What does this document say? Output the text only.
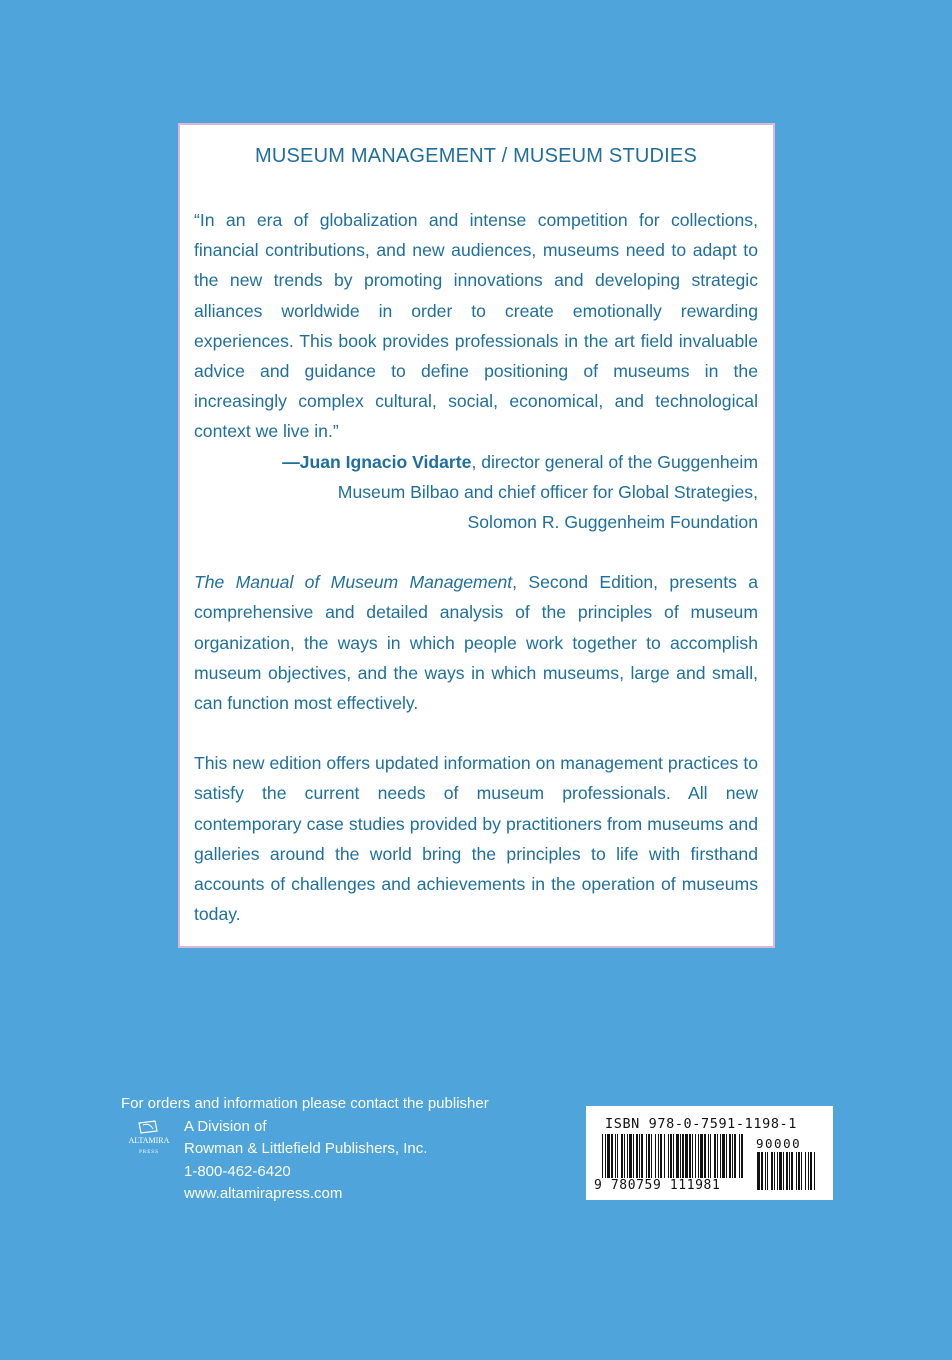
MUSEUM MANAGEMENT / MUSEUM STUDIES

“In an era of globalization and intense competition for collections, financial contributions, and new audiences, museums need to adapt to the new trends by promoting innovations and developing strategic alliances worldwide in order to create emotionally rewarding experiences. This book provides professionals in the art field invaluable advice and guidance to define positioning of museums in the increasingly complex cultural, social, economical, and technological context we live in.”

—Juan Ignacio Vidarte, director general of the Guggenheim
Museum Bilbao and chief officer for Global Strategies,
Solomon R. Guggenheim Foundation

The Manual of Museum Management, Second Edition, presents a comprehensive and detailed analysis of the principles of museum organization, the ways in which people work together to accomplish museum objectives, and the ways in which museums, large and small, can function most effectively.

This new edition offers updated information on management practices to satisfy the current needs of museum professionals. All new contemporary case studies provided by practitioners from museums and galleries around the world bring the principles to life with firsthand accounts of challenges and achievements in the operation of museums today.

For orders and information please contact the publisher
A Division of
Rowman & Littlefield Publishers, Inc.
1-800-462-6420
www.altamirapress.com
ALTAMIRA
PRESS
ISBN 978-0-7591-1198-1
90000
9 780759 111981
